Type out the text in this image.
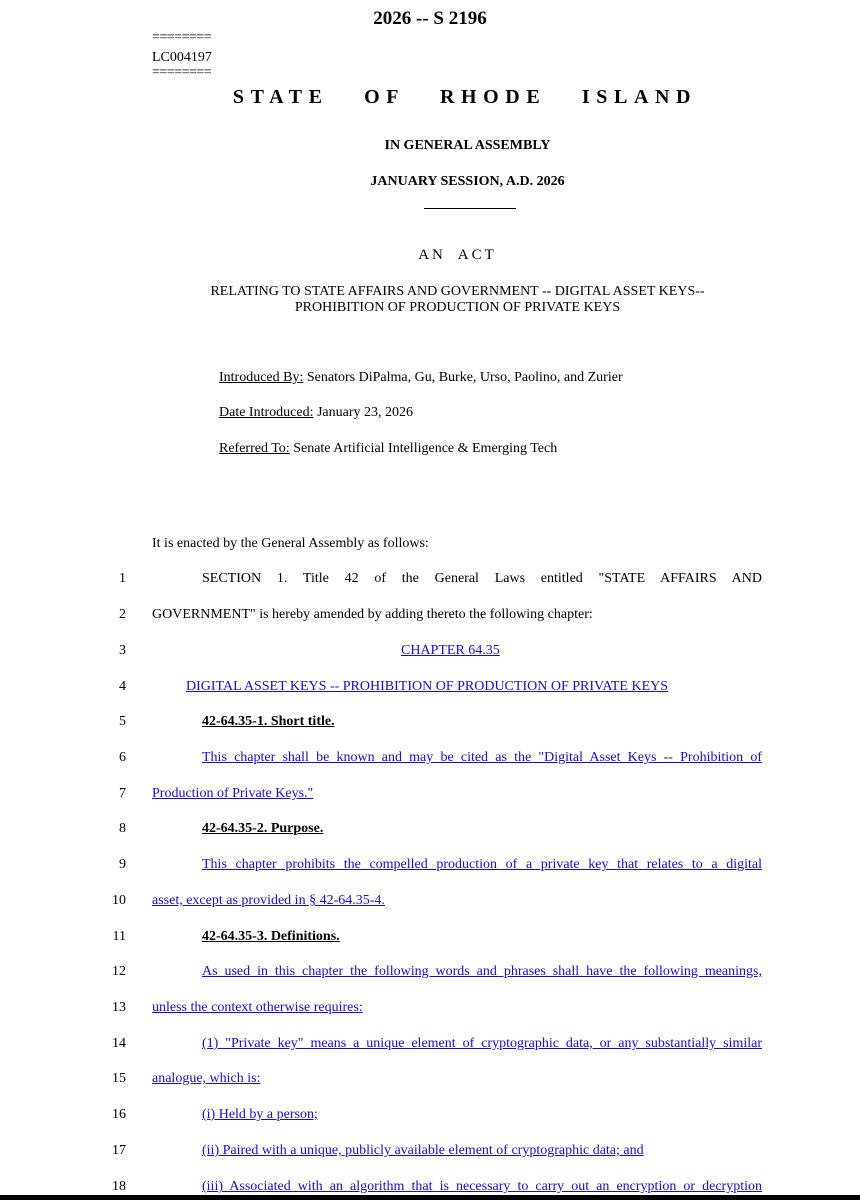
2026 -- S 2196
========
LC004197
========
STATE OF RHODE ISLAND
IN GENERAL ASSEMBLY
JANUARY SESSION, A.D. 2026
AN ACT
RELATING TO STATE AFFAIRS AND GOVERNMENT -- DIGITAL ASSET KEYS--
PROHIBITION OF PRODUCTION OF PRIVATE KEYS
Introduced By: Senators DiPalma, Gu, Burke, Urso, Paolino, and Zurier
Date Introduced: January 23, 2026
Referred To: Senate Artificial Intelligence & Emerging Tech
It is enacted by the General Assembly as follows:
1	SECTION 1. Title 42 of the General Laws entitled "STATE AFFAIRS AND
2 GOVERNMENT" is hereby amended by adding thereto the following chapter:
3	CHAPTER 64.35
4	DIGITAL ASSET KEYS -- PROHIBITION OF PRODUCTION OF PRIVATE KEYS
5	42-64.35-1. Short title.
6	This chapter shall be known and may be cited as the "Digital Asset Keys -- Prohibition of
7 Production of Private Keys."
8	42-64.35-2. Purpose.
9	This chapter prohibits the compelled production of a private key that relates to a digital
10 asset, except as provided in § 42-64.35-4.
11	42-64.35-3. Definitions.
12	As used in this chapter the following words and phrases shall have the following meanings,
13 unless the context otherwise requires:
14	(1) "Private key" means a unique element of cryptographic data, or any substantially similar
15 analogue, which is:
16	(i) Held by a person;
17	(ii) Paired with a unique, publicly available element of cryptographic data; and
18	(iii) Associated with an algorithm that is necessary to carry out an encryption or decryption
